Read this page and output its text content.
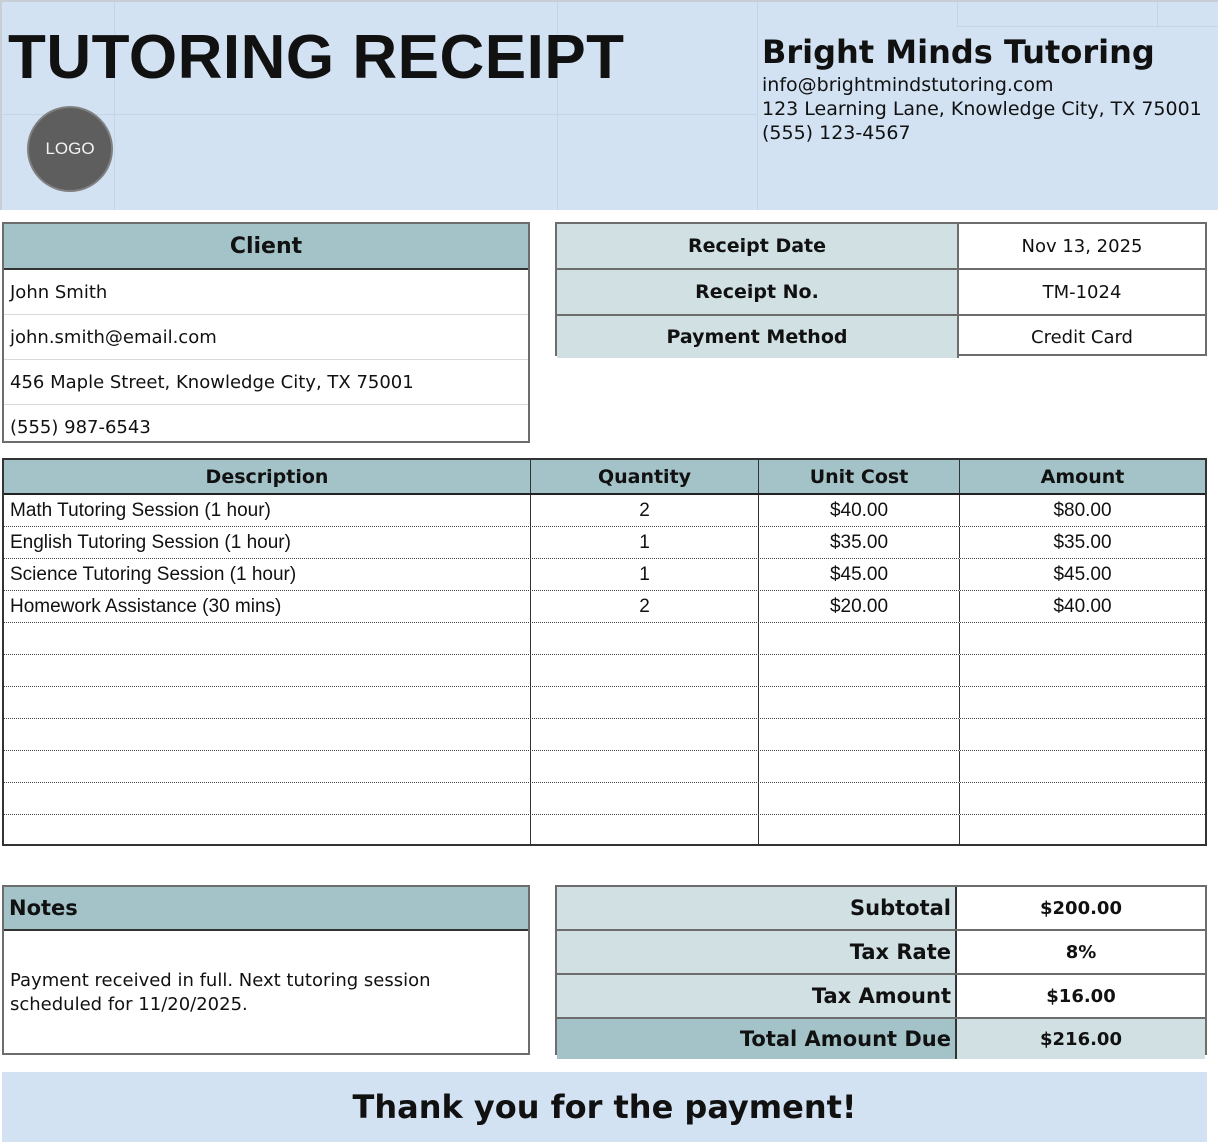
TUTORING RECEIPT
LOGO
Bright Minds Tutoring
info@brightmindstutoring.com
123 Learning Lane, Knowledge City, TX 75001
(555) 123-4567
Client
John Smith
john.smith@email.com
456 Maple Street, Knowledge City, TX 75001
(555) 987-6543
Receipt Date	Nov 13, 2025
Receipt No.	TM-1024
Payment Method	Credit Card
Description	Quantity	Unit Cost	Amount
Math Tutoring Session (1 hour)	2	$40.00	$80.00
English Tutoring Session (1 hour)	1	$35.00	$35.00
Science Tutoring Session (1 hour)	1	$45.00	$45.00
Homework Assistance (30 mins)	2	$20.00	$40.00
Notes
Payment received in full. Next tutoring session scheduled for 11/20/2025.
Subtotal	$200.00
Tax Rate	8%
Tax Amount	$16.00
Total Amount Due	$216.00
Thank you for the payment!
